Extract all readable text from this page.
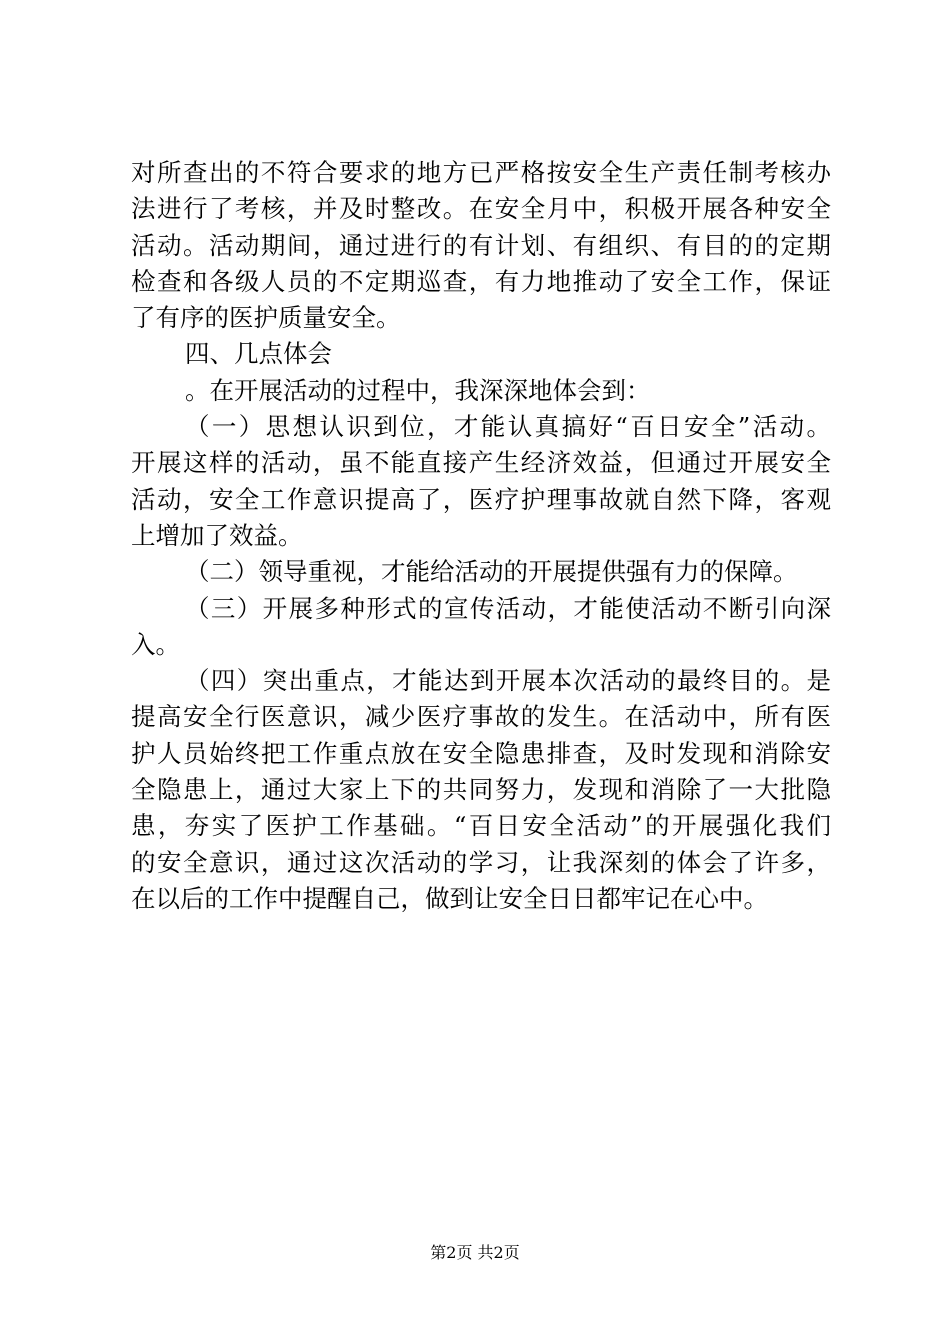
对所查出的不符合要求的地方已严格按安全生产责任制考核办
法进行了考核，并及时整改。在安全月中，积极开展各种安全
活动。活动期间，通过进行的有计划、有组织、有目的的定期
检查和各级人员的不定期巡查，有力地推动了安全工作，保证
了有序的医护质量安全。
四、几点体会
。在开展活动的过程中，我深深地体会到：
（一）思想认识到位，才能认真搞好“百日安全”活动。
开展这样的活动，虽不能直接产生经济效益，但通过开展安全
活动，安全工作意识提高了，医疗护理事故就自然下降，客观
上增加了效益。
（二）领导重视，才能给活动的开展提供强有力的保障。
（三）开展多种形式的宣传活动，才能使活动不断引向深
入。
（四）突出重点，才能达到开展本次活动的最终目的。是
提高安全行医意识，减少医疗事故的发生。在活动中，所有医
护人员始终把工作重点放在安全隐患排查，及时发现和消除安
全隐患上，通过大家上下的共同努力，发现和消除了一大批隐
患，夯实了医护工作基础。“百日安全活动”的开展强化我们
的安全意识，通过这次活动的学习，让我深刻的体会了许多，
在以后的工作中提醒自己，做到让安全日日都牢记在心中。
第2页 共2页
